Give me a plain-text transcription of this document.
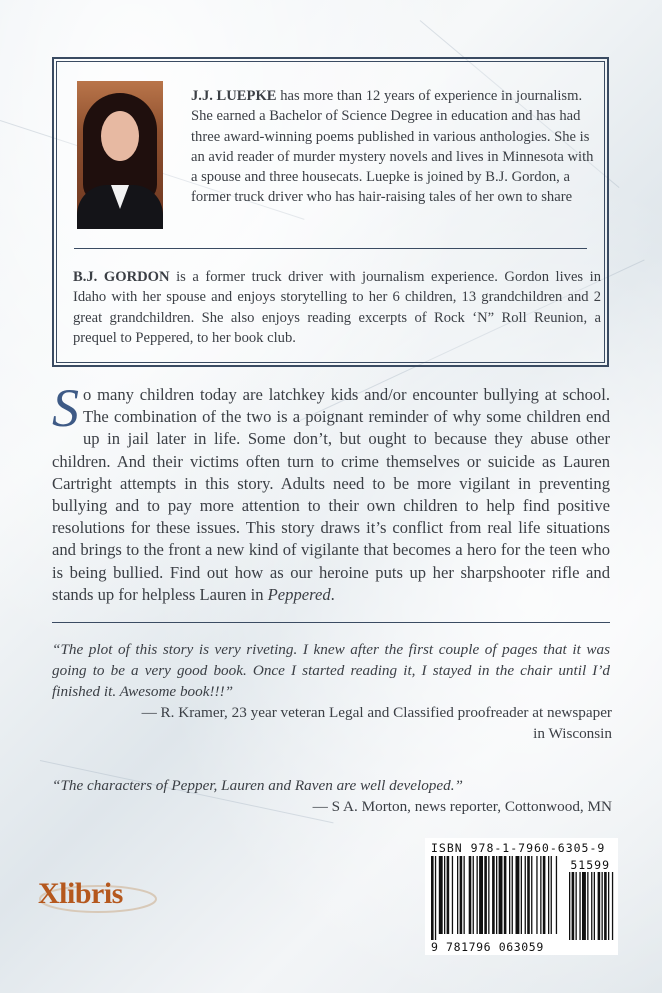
J.J. LUEPKE has more than 12 years of experience in journalism. She earned a Bachelor of Science Degree in education and has had three award-winning poems published in various anthologies. She is an avid reader of murder mystery novels and lives in Minnesota with a spouse and three housecats. Luepke is joined by B.J. Gordon, a former truck driver who has hair-raising tales of her own to share
B.J. GORDON is a former truck driver with journalism experience. Gordon lives in Idaho with her spouse and enjoys storytelling to her 6 children, 13 grandchildren and 2 great grandchildren. She also enjoys reading excerpts of Rock ‘N” Roll Reunion, a prequel to Peppered, to her book club.
So many children today are latchkey kids and/or encounter bullying at school. The combination of the two is a poignant reminder of why some children end up in jail later in life. Some don’t, but ought to because they abuse other children. And their victims often turn to crime themselves or suicide as Lauren Cartright attempts in this story. Adults need to be more vigilant in preventing bullying and to pay more attention to their own children to help find positive resolutions for these issues. This story draws it’s conflict from real life situations and brings to the front a new kind of vigilante that becomes a hero for the teen who is being bullied. Find out how as our heroine puts up her sharpshooter rifle and stands up for helpless Lauren in Peppered.
“The plot of this story is very riveting. I knew after the first couple of pages that it was going to be a very good book. Once I started reading it, I stayed in the chair until I’d finished it. Awesome book!!!”
— R. Kramer, 23 year veteran Legal and Classified proofreader at newspaper in Wisconsin
“The characters of Pepper, Lauren and Raven are well developed.”
— S A. Morton, news reporter, Cottonwood, MN
Xlibris
ISBN 978-1-7960-6305-9
51599
9 781796 063059
